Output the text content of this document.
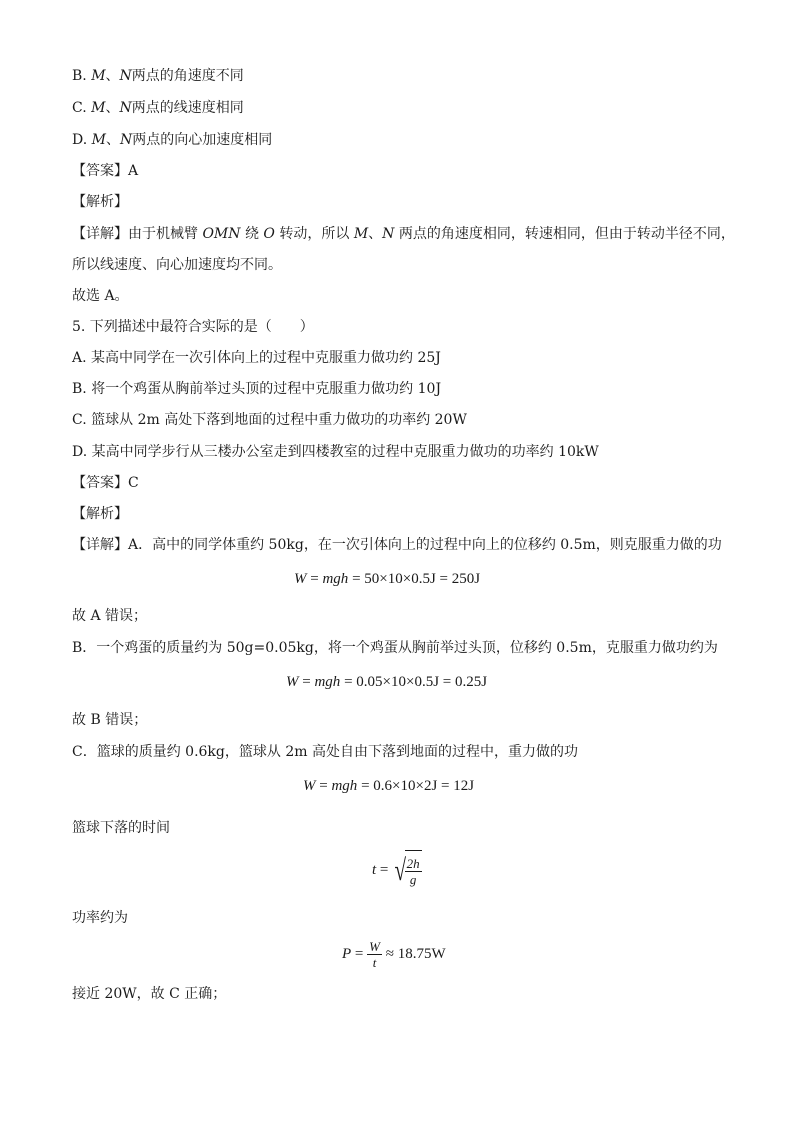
B. M、N两点的角速度不同
C. M、N两点的线速度相同
D. M、N两点的向心加速度相同
【答案】A
【解析】
【详解】由于机械臂 OMN 绕 O 转动，所以 M、N 两点的角速度相同，转速相同，但由于转动半径不同，
所以线速度、向心加速度均不同。
故选 A。
5. 下列描述中最符合实际的是（　　）
A. 某高中同学在一次引体向上的过程中克服重力做功约 25J
B. 将一个鸡蛋从胸前举过头顶的过程中克服重力做功约 10J
C. 篮球从 2m 高处下落到地面的过程中重力做功的功率约 20W
D. 某高中同学步行从三楼办公室走到四楼教室的过程中克服重力做功的功率约 10kW
【答案】C
【解析】
【详解】A．高中的同学体重约 50kg，在一次引体向上的过程中向上的位移约 0.5m，则克服重力做的功
W = mgh = 50×10×0.5J = 250J
故 A 错误；
B．一个鸡蛋的质量约为 50g=0.05kg，将一个鸡蛋从胸前举过头顶，位移约 0.5m，克服重力做功约为
W = mgh = 0.05×10×0.5J = 0.25J
故 B 错误；
C．篮球的质量约 0.6kg，篮球从 2m 高处自由下落到地面的过程中，重力做的功
W = mgh = 0.6×10×2J = 12J
篮球下落的时间
t = √
$\frac{2h}{g}$
功率约为
$P = \frac{W}{t} \approx 18.75W$
接近 20W，故 C 正确；
